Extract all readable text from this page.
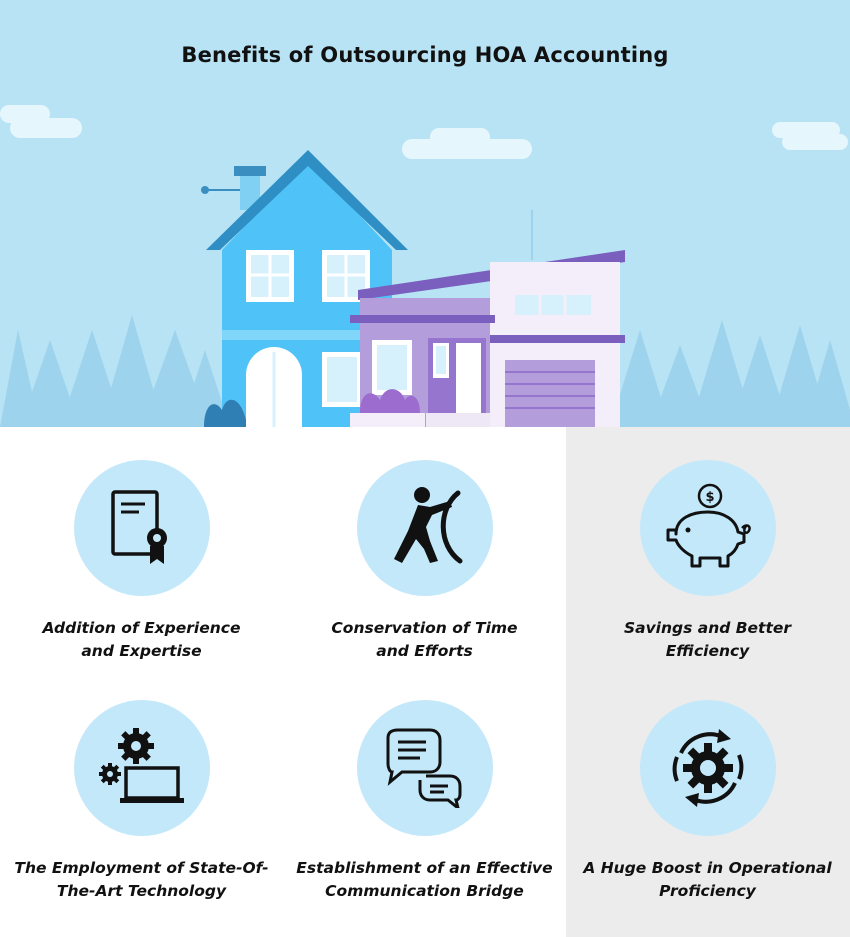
Benefits of Outsourcing HOA Accounting
Addition of Experience
and Expertise
Conservation of Time
and Efforts
$
Savings and Better
Efficiency
The Employment of State-Of-
The-Art Technology
Establishment of an Effective
Communication Bridge
A Huge Boost in Operational
Proficiency
